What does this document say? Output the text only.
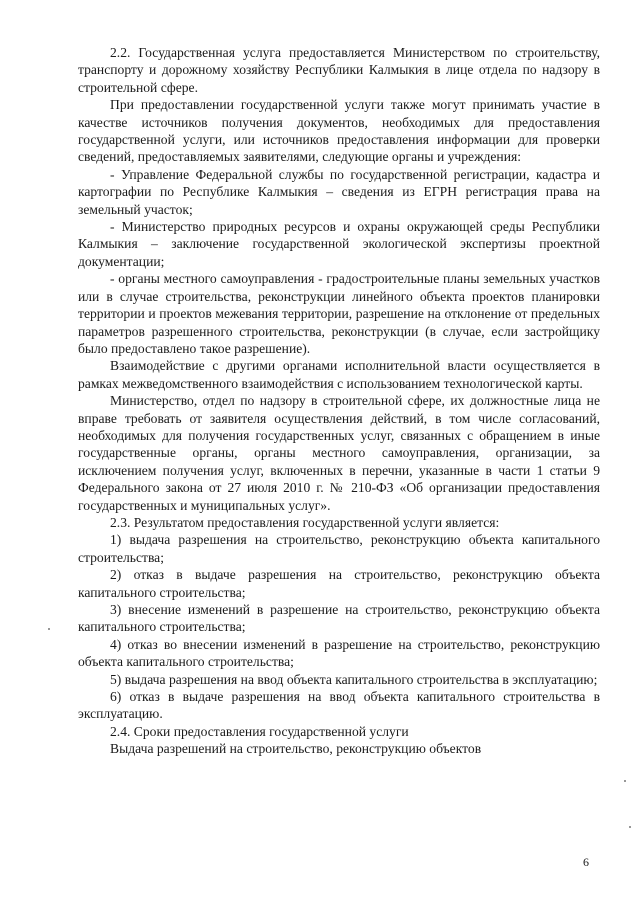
2.2. Государственная услуга предоставляется Министерством по строительству, транспорту и дорожному хозяйству Республики Калмыкия в лице отдела по надзору в строительной сфере.

При предоставлении государственной услуги также могут принимать участие в качестве источников получения документов, необходимых для предоставления государственной услуги, или источников предоставления информации для проверки сведений, предоставляемых заявителями, следующие органы и учреждения:

- Управление Федеральной службы по государственной регистрации, кадастра и картографии по Республике Калмыкия – сведения из ЕГРН регистрация права на земельный участок;

- Министерство природных ресурсов и охраны окружающей среды Республики Калмыкия – заключение государственной экологической экспертизы проектной документации;

- органы местного самоуправления - градостроительные планы земельных участков или в случае строительства, реконструкции линейного объекта проектов планировки территории и проектов межевания территории, разрешение на отклонение от предельных параметров разрешенного строительства, реконструкции (в случае, если застройщику было предоставлено такое разрешение).

Взаимодействие с другими органами исполнительной власти осуществляется в рамках межведомственного взаимодействия с использованием технологической карты.

Министерство, отдел по надзору в строительной сфере, их должностные лица не вправе требовать от заявителя осуществления действий, в том числе согласований, необходимых для получения государственных услуг, связанных с обращением в иные государственные органы, органы местного самоуправления, организации, за исключением получения услуг, включенных в перечни, указанные в части 1 статьи 9 Федерального закона от 27 июля 2010 г. № 210-ФЗ «Об организации предоставления государственных и муниципальных услуг».

2.3. Результатом предоставления государственной услуги является:

1) выдача разрешения на строительство, реконструкцию объекта капитального строительства;

2) отказ в выдаче разрешения на строительство, реконструкцию объекта капитального строительства;

3) внесение изменений в разрешение на строительство, реконструкцию объекта капитального строительства;

4) отказ во внесении изменений в разрешение на строительство, реконструкцию объекта капитального строительства;

5) выдача разрешения на ввод объекта капитального строительства в эксплуатацию;

6) отказ в выдаче разрешения на ввод объекта капитального строительства в эксплуатацию.

2.4. Сроки предоставления государственной услуги

Выдача разрешений на строительство, реконструкцию объектов

6
